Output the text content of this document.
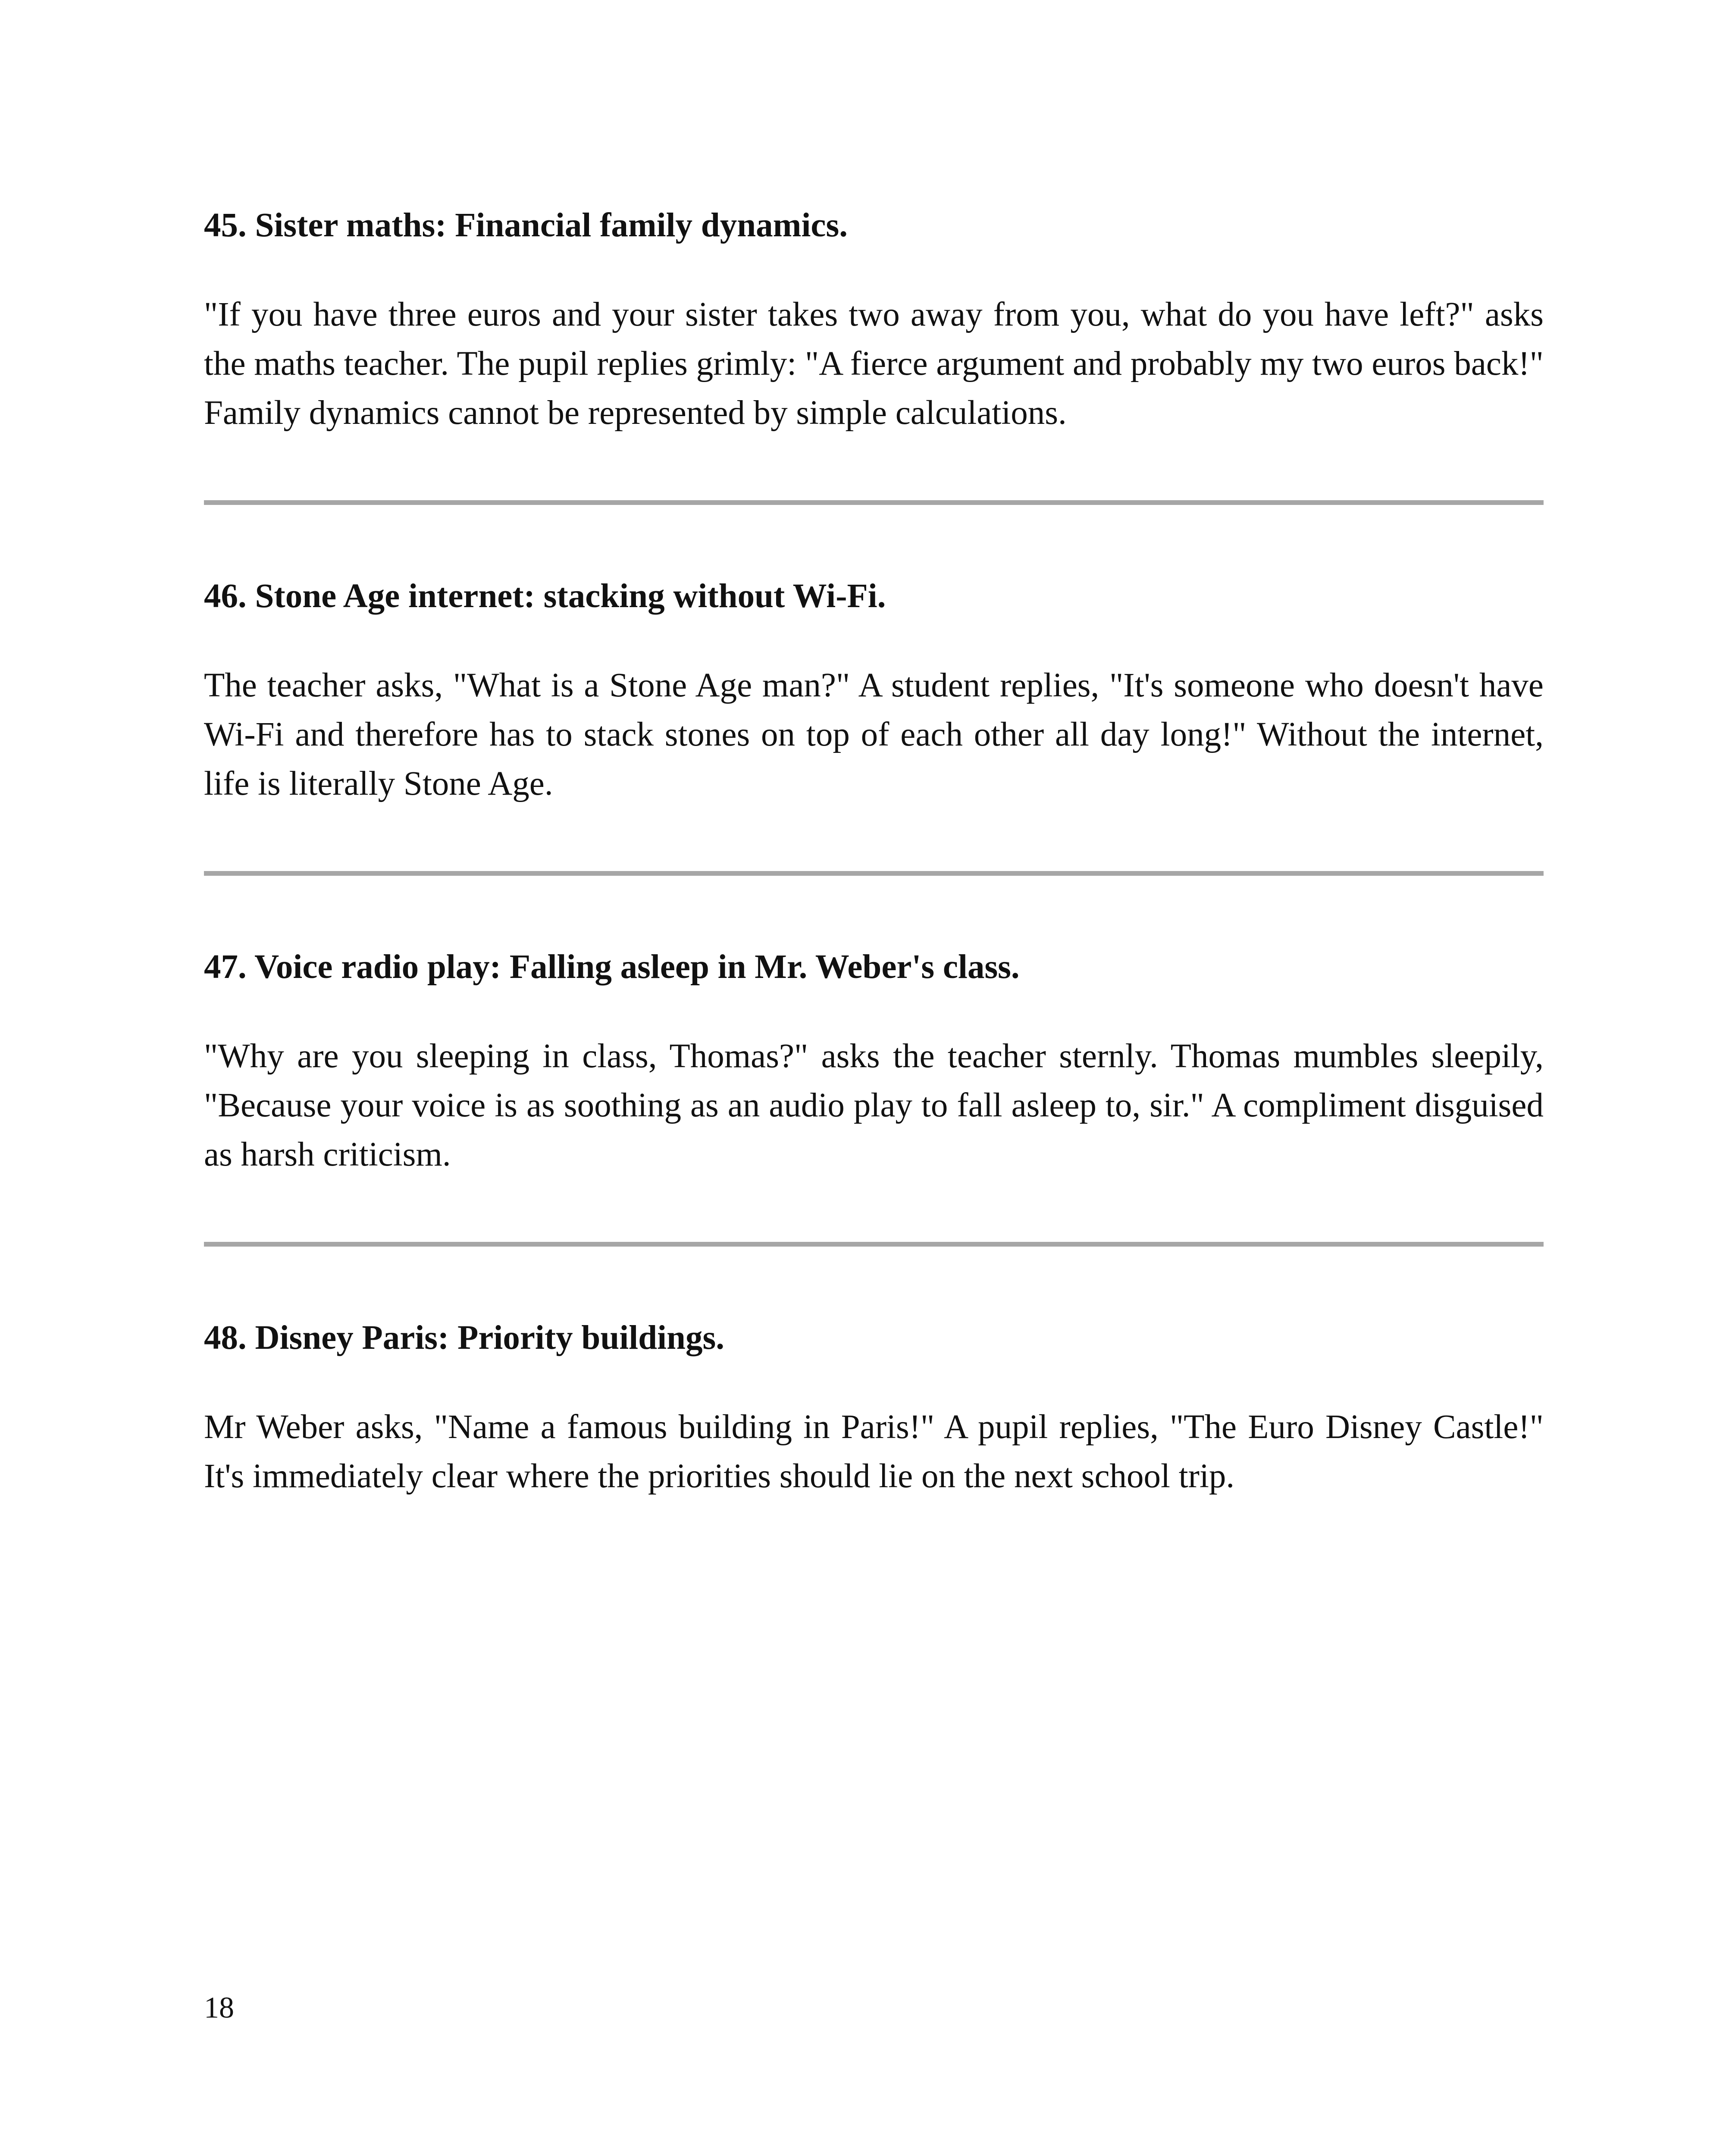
45. Sister maths: Financial family dynamics.

"If you have three euros and your sister takes two away from you, what do you have left?" asks the maths teacher. The pupil replies grimly: "A fierce argument and probably my two euros back!" Family dynamics cannot be represented by simple calculations.

46. Stone Age internet: stacking without Wi-Fi.

The teacher asks, "What is a Stone Age man?" A student replies, "It's someone who doesn't have Wi-Fi and therefore has to stack stones on top of each other all day long!" Without the internet, life is literally Stone Age.

47. Voice radio play: Falling asleep in Mr. Weber's class.

"Why are you sleeping in class, Thomas?" asks the teacher sternly. Thomas mumbles sleepily, "Because your voice is as soothing as an audio play to fall asleep to, sir." A compliment disguised as harsh criticism.

48. Disney Paris: Priority buildings.

Mr Weber asks, "Name a famous building in Paris!" A pupil replies, "The Euro Disney Castle!" It's immediately clear where the priorities should lie on the next school trip.

18
